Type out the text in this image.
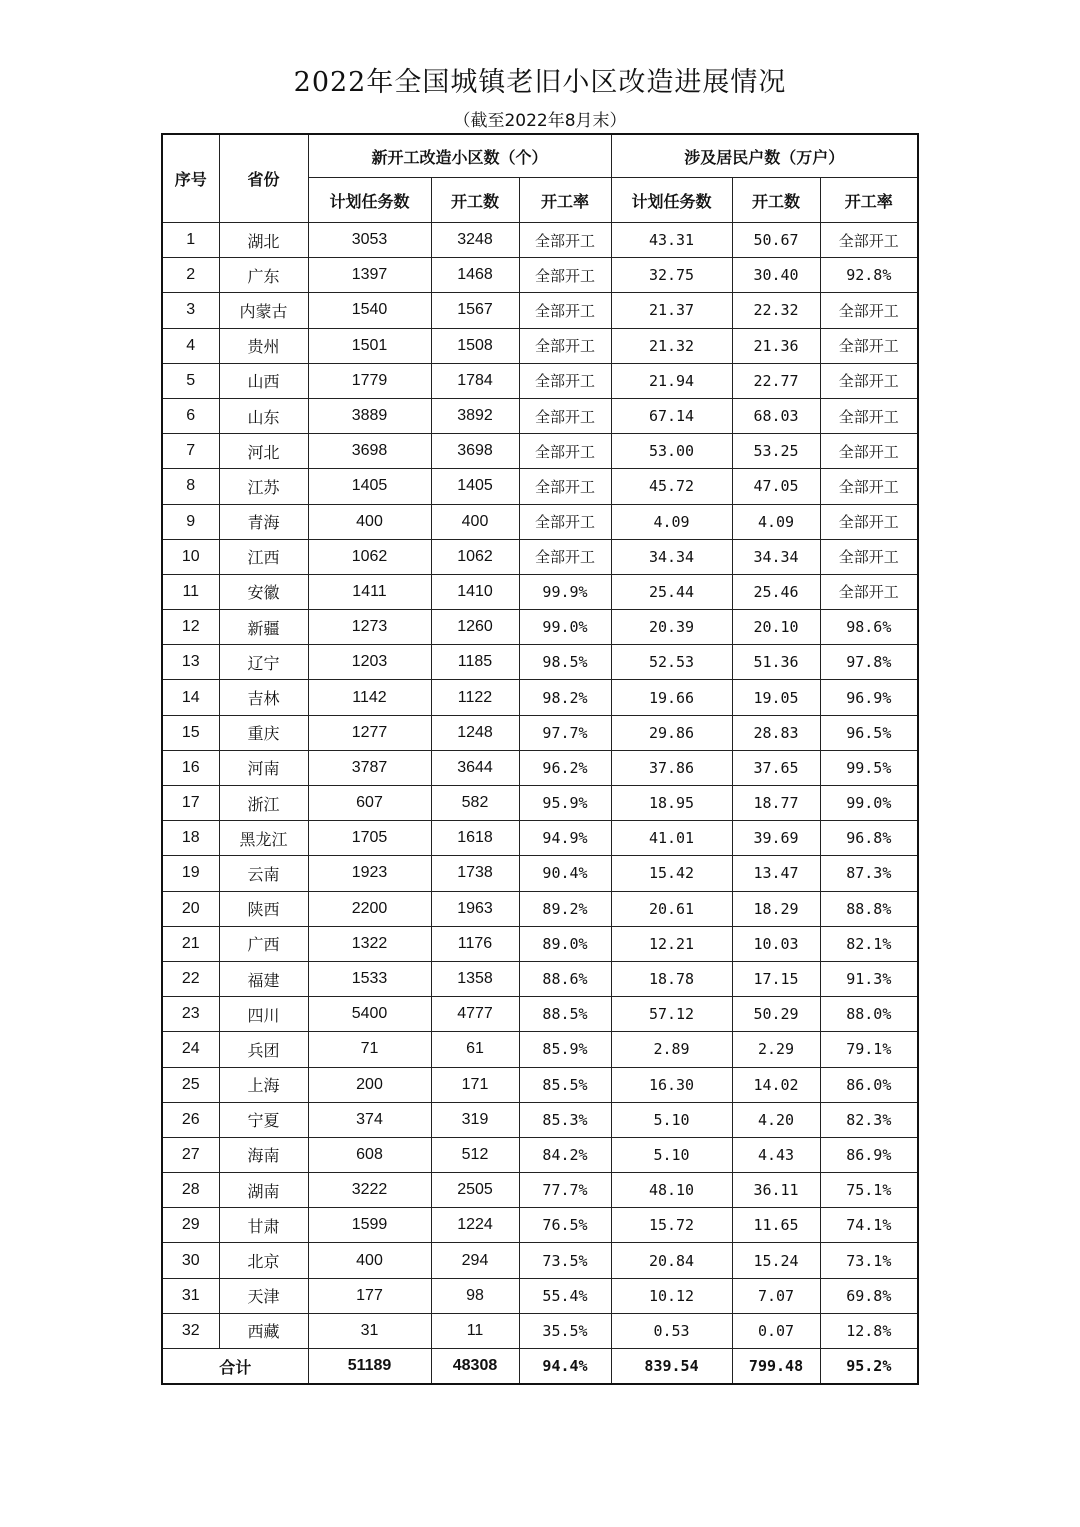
2022年全国城镇老旧小区改造进展情况
（截至2022年8月末）
序号	省份	新开工改造小区数（个）			涉及居民户数（万户）		
		计划任务数	开工数	开工率	计划任务数	开工数	开工率
1	湖北	3053	3248	全部开工	43.31	50.67	全部开工
2	广东	1397	1468	全部开工	32.75	30.40	92.8%
3	内蒙古	1540	1567	全部开工	21.37	22.32	全部开工
4	贵州	1501	1508	全部开工	21.32	21.36	全部开工
5	山西	1779	1784	全部开工	21.94	22.77	全部开工
6	山东	3889	3892	全部开工	67.14	68.03	全部开工
7	河北	3698	3698	全部开工	53.00	53.25	全部开工
8	江苏	1405	1405	全部开工	45.72	47.05	全部开工
9	青海	400	400	全部开工	4.09	4.09	全部开工
10	江西	1062	1062	全部开工	34.34	34.34	全部开工
11	安徽	1411	1410	99.9%	25.44	25.46	全部开工
12	新疆	1273	1260	99.0%	20.39	20.10	98.6%
13	辽宁	1203	1185	98.5%	52.53	51.36	97.8%
14	吉林	1142	1122	98.2%	19.66	19.05	96.9%
15	重庆	1277	1248	97.7%	29.86	28.83	96.5%
16	河南	3787	3644	96.2%	37.86	37.65	99.5%
17	浙江	607	582	95.9%	18.95	18.77	99.0%
18	黑龙江	1705	1618	94.9%	41.01	39.69	96.8%
19	云南	1923	1738	90.4%	15.42	13.47	87.3%
20	陕西	2200	1963	89.2%	20.61	18.29	88.8%
21	广西	1322	1176	89.0%	12.21	10.03	82.1%
22	福建	1533	1358	88.6%	18.78	17.15	91.3%
23	四川	5400	4777	88.5%	57.12	50.29	88.0%
24	兵团	71	61	85.9%	2.89	2.29	79.1%
25	上海	200	171	85.5%	16.30	14.02	86.0%
26	宁夏	374	319	85.3%	5.10	4.20	82.3%
27	海南	608	512	84.2%	5.10	4.43	86.9%
28	湖南	3222	2505	77.7%	48.10	36.11	75.1%
29	甘肃	1599	1224	76.5%	15.72	11.65	74.1%
30	北京	400	294	73.5%	20.84	15.24	73.1%
31	天津	177	98	55.4%	10.12	7.07	69.8%
32	西藏	31	11	35.5%	0.53	0.07	12.8%
合计		51189	48308	94.4%	839.54	799.48	95.2%
